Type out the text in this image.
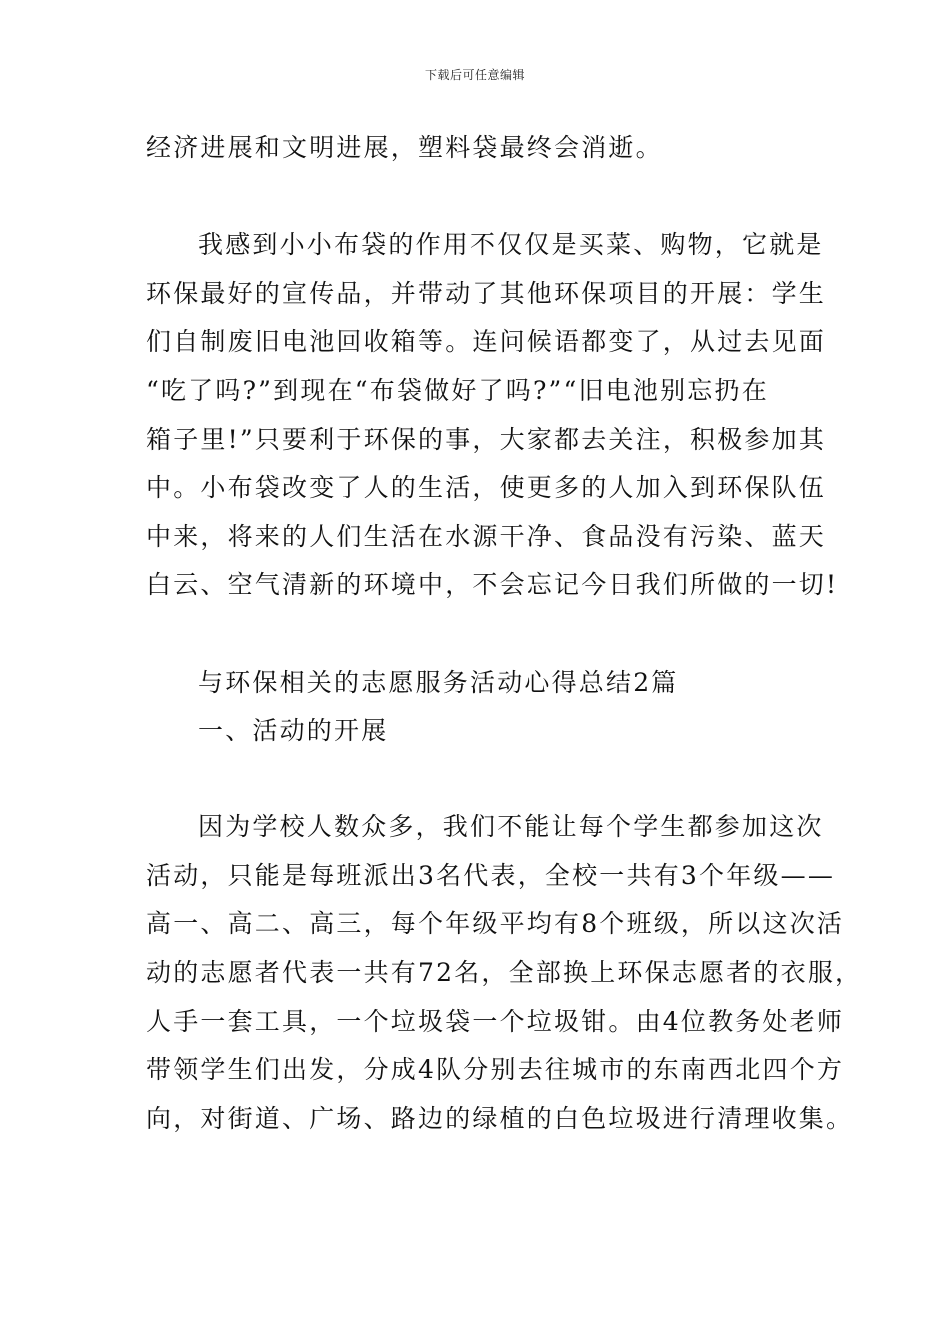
下载后可任意编辑
经济进展和文明进展，塑料袋最终会消逝。
我感到小小布袋的作用不仅仅是买菜、购物，它就是
环保最好的宣传品，并带动了其他环保项目的开展：学生
们自制废旧电池回收箱等。连问候语都变了，从过去见面
“吃了吗?”到现在“布袋做好了吗?”“旧电池别忘扔在
箱子里!”只要利于环保的事，大家都去关注，积极参加其
中。小布袋改变了人的生活，使更多的人加入到环保队伍
中来，将来的人们生活在水源干净、食品没有污染、蓝天
白云、空气清新的环境中，不会忘记今日我们所做的一切!
与环保相关的志愿服务活动心得总结2篇
一、活动的开展
因为学校人数众多，我们不能让每个学生都参加这次
活动，只能是每班派出3名代表，全校一共有3个年级——
高一、高二、高三，每个年级平均有8个班级，所以这次活
动的志愿者代表一共有72名，全部换上环保志愿者的衣服，
人手一套工具，一个垃圾袋一个垃圾钳。由4位教务处老师
带领学生们出发，分成4队分别去往城市的东南西北四个方
向，对街道、广场、路边的绿植的白色垃圾进行清理收集。
